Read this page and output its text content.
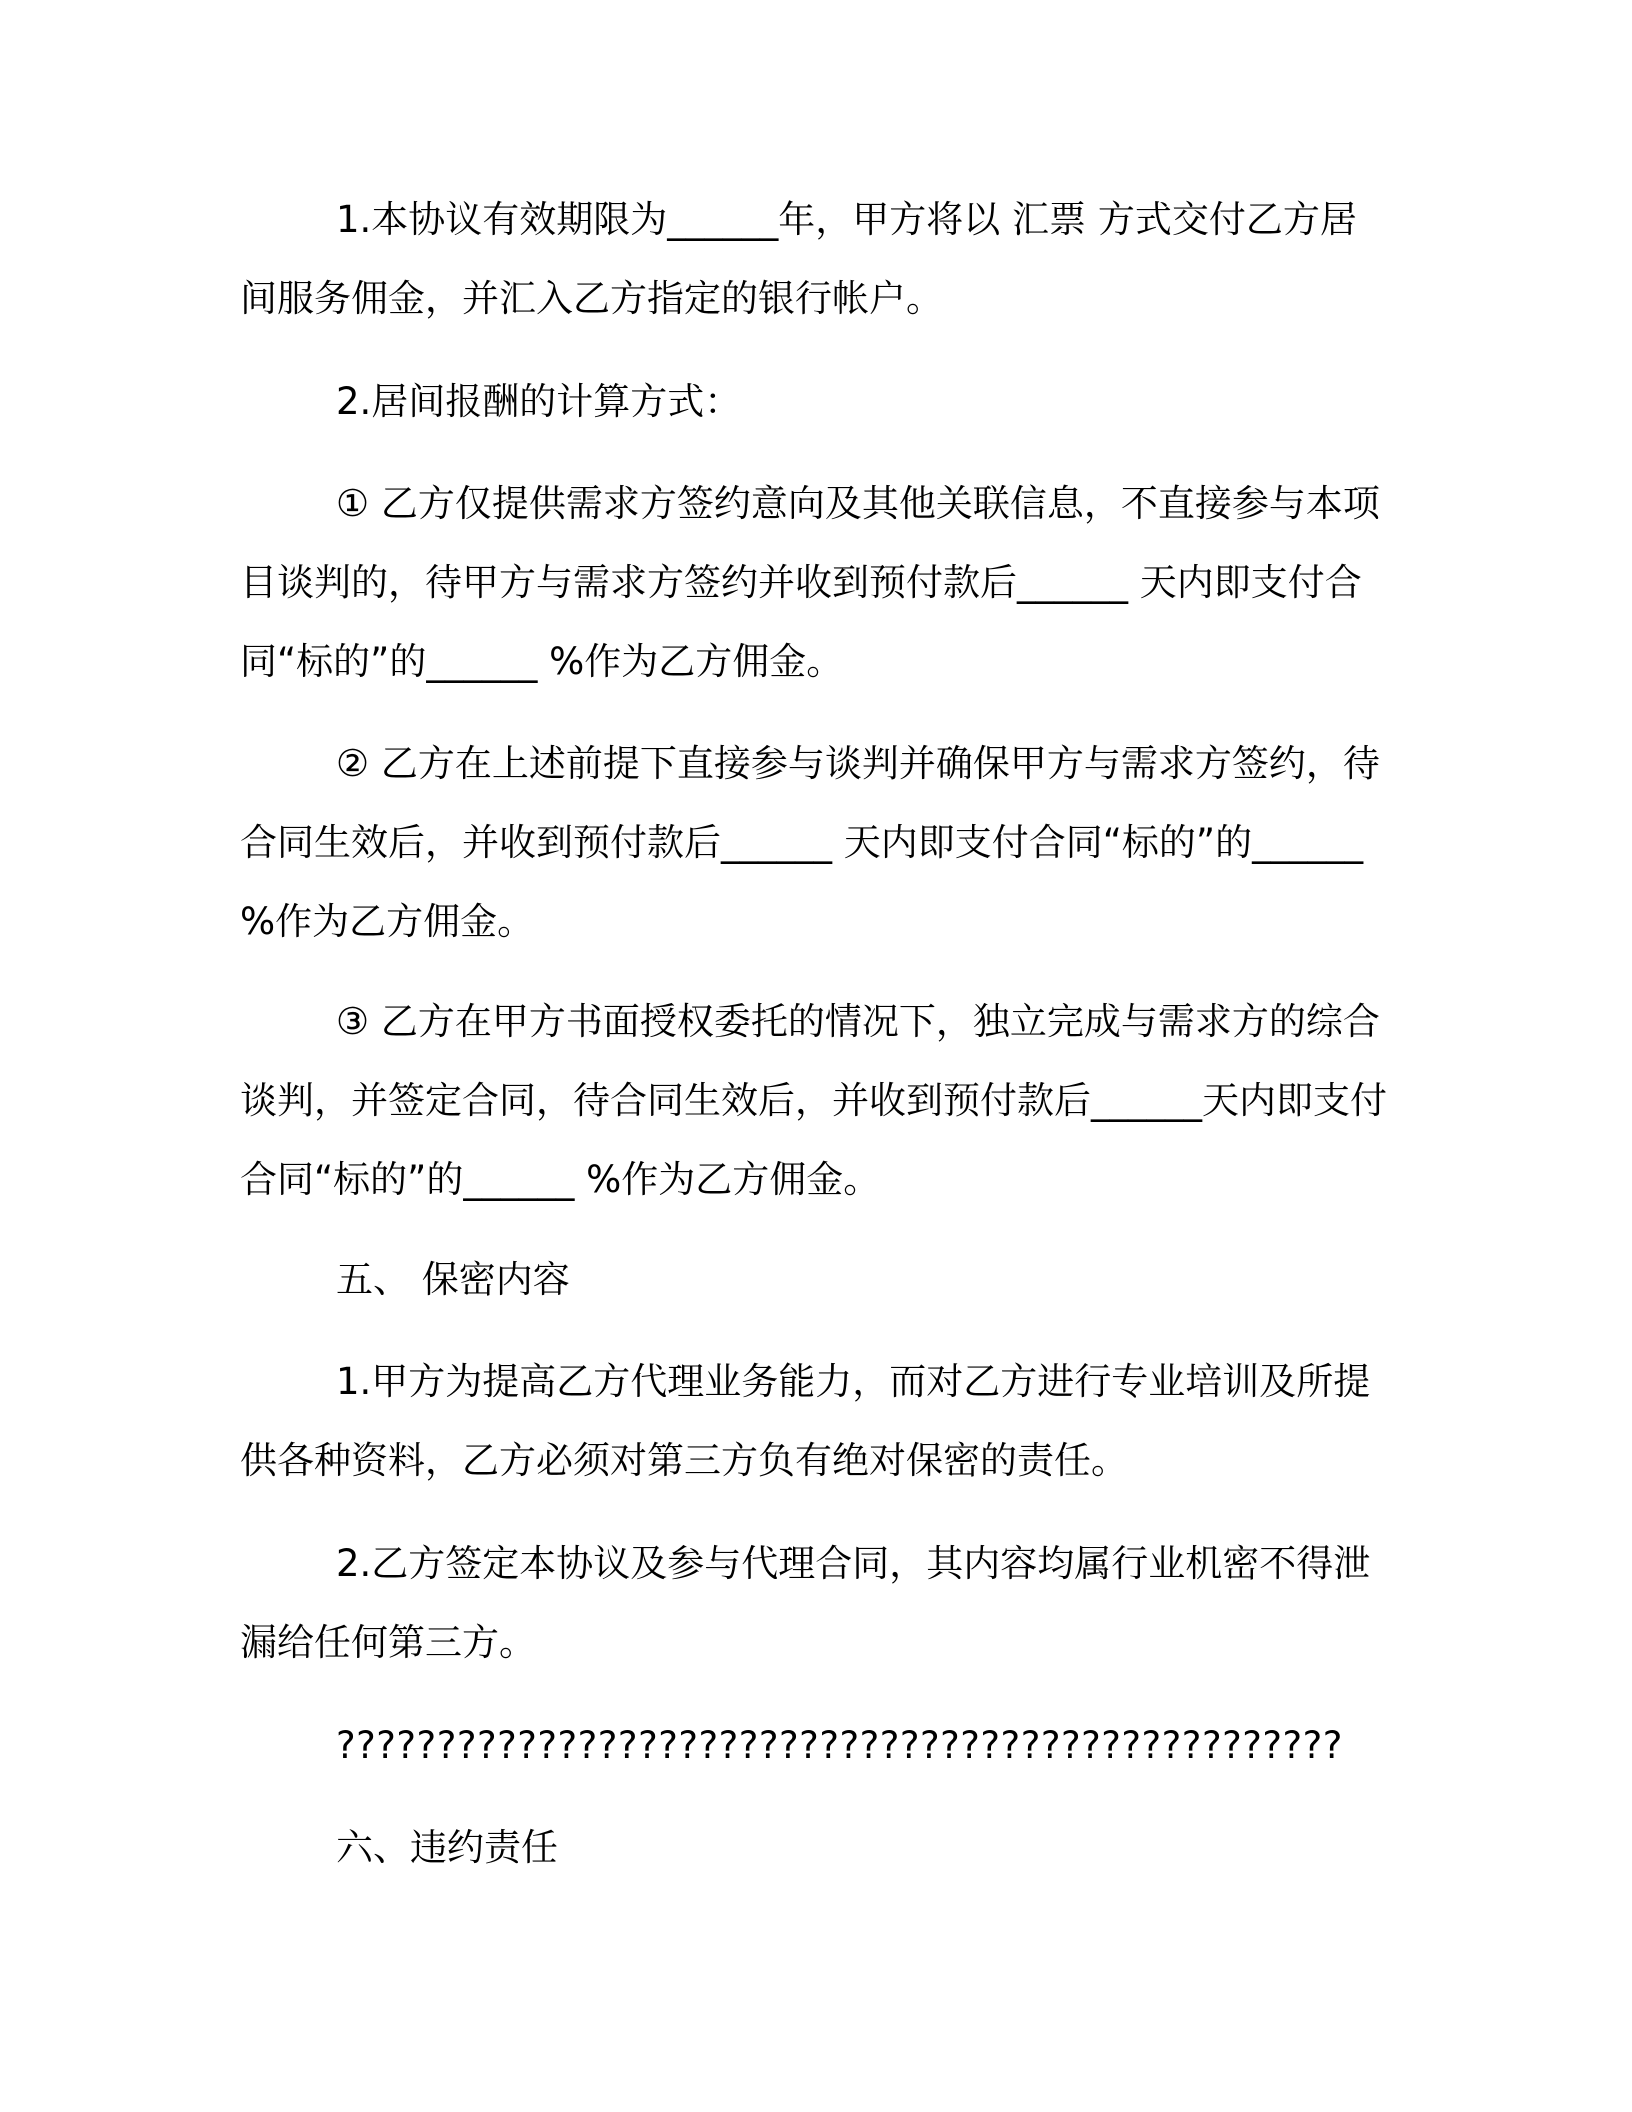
1.本协议有效期限为______年，甲方将以 汇票 方式交付乙方居间服务佣金，并汇入乙方指定的银行帐户。

2.居间报酬的计算方式：

① 乙方仅提供需求方签约意向及其他关联信息，不直接参与本项目谈判的，待甲方与需求方签约并收到预付款后______ 天内即支付合同“标的”的______ %作为乙方佣金。

② 乙方在上述前提下直接参与谈判并确保甲方与需求方签约，待合同生效后，并收到预付款后______ 天内即支付合同“标的”的______ %作为乙方佣金。

③ 乙方在甲方书面授权委托的情况下，独立完成与需求方的综合谈判，并签定合同，待合同生效后，并收到预付款后______天内即支付合同“标的”的______ %作为乙方佣金。

五、 保密内容

1.甲方为提高乙方代理业务能力，而对乙方进行专业培训及所提供各种资料，乙方必须对第三方负有绝对保密的责任。

2.乙方签定本协议及参与代理合同，其内容均属行业机密不得泄漏给任何第三方。

??????????????????????????????????????????????????

六、违约责任
